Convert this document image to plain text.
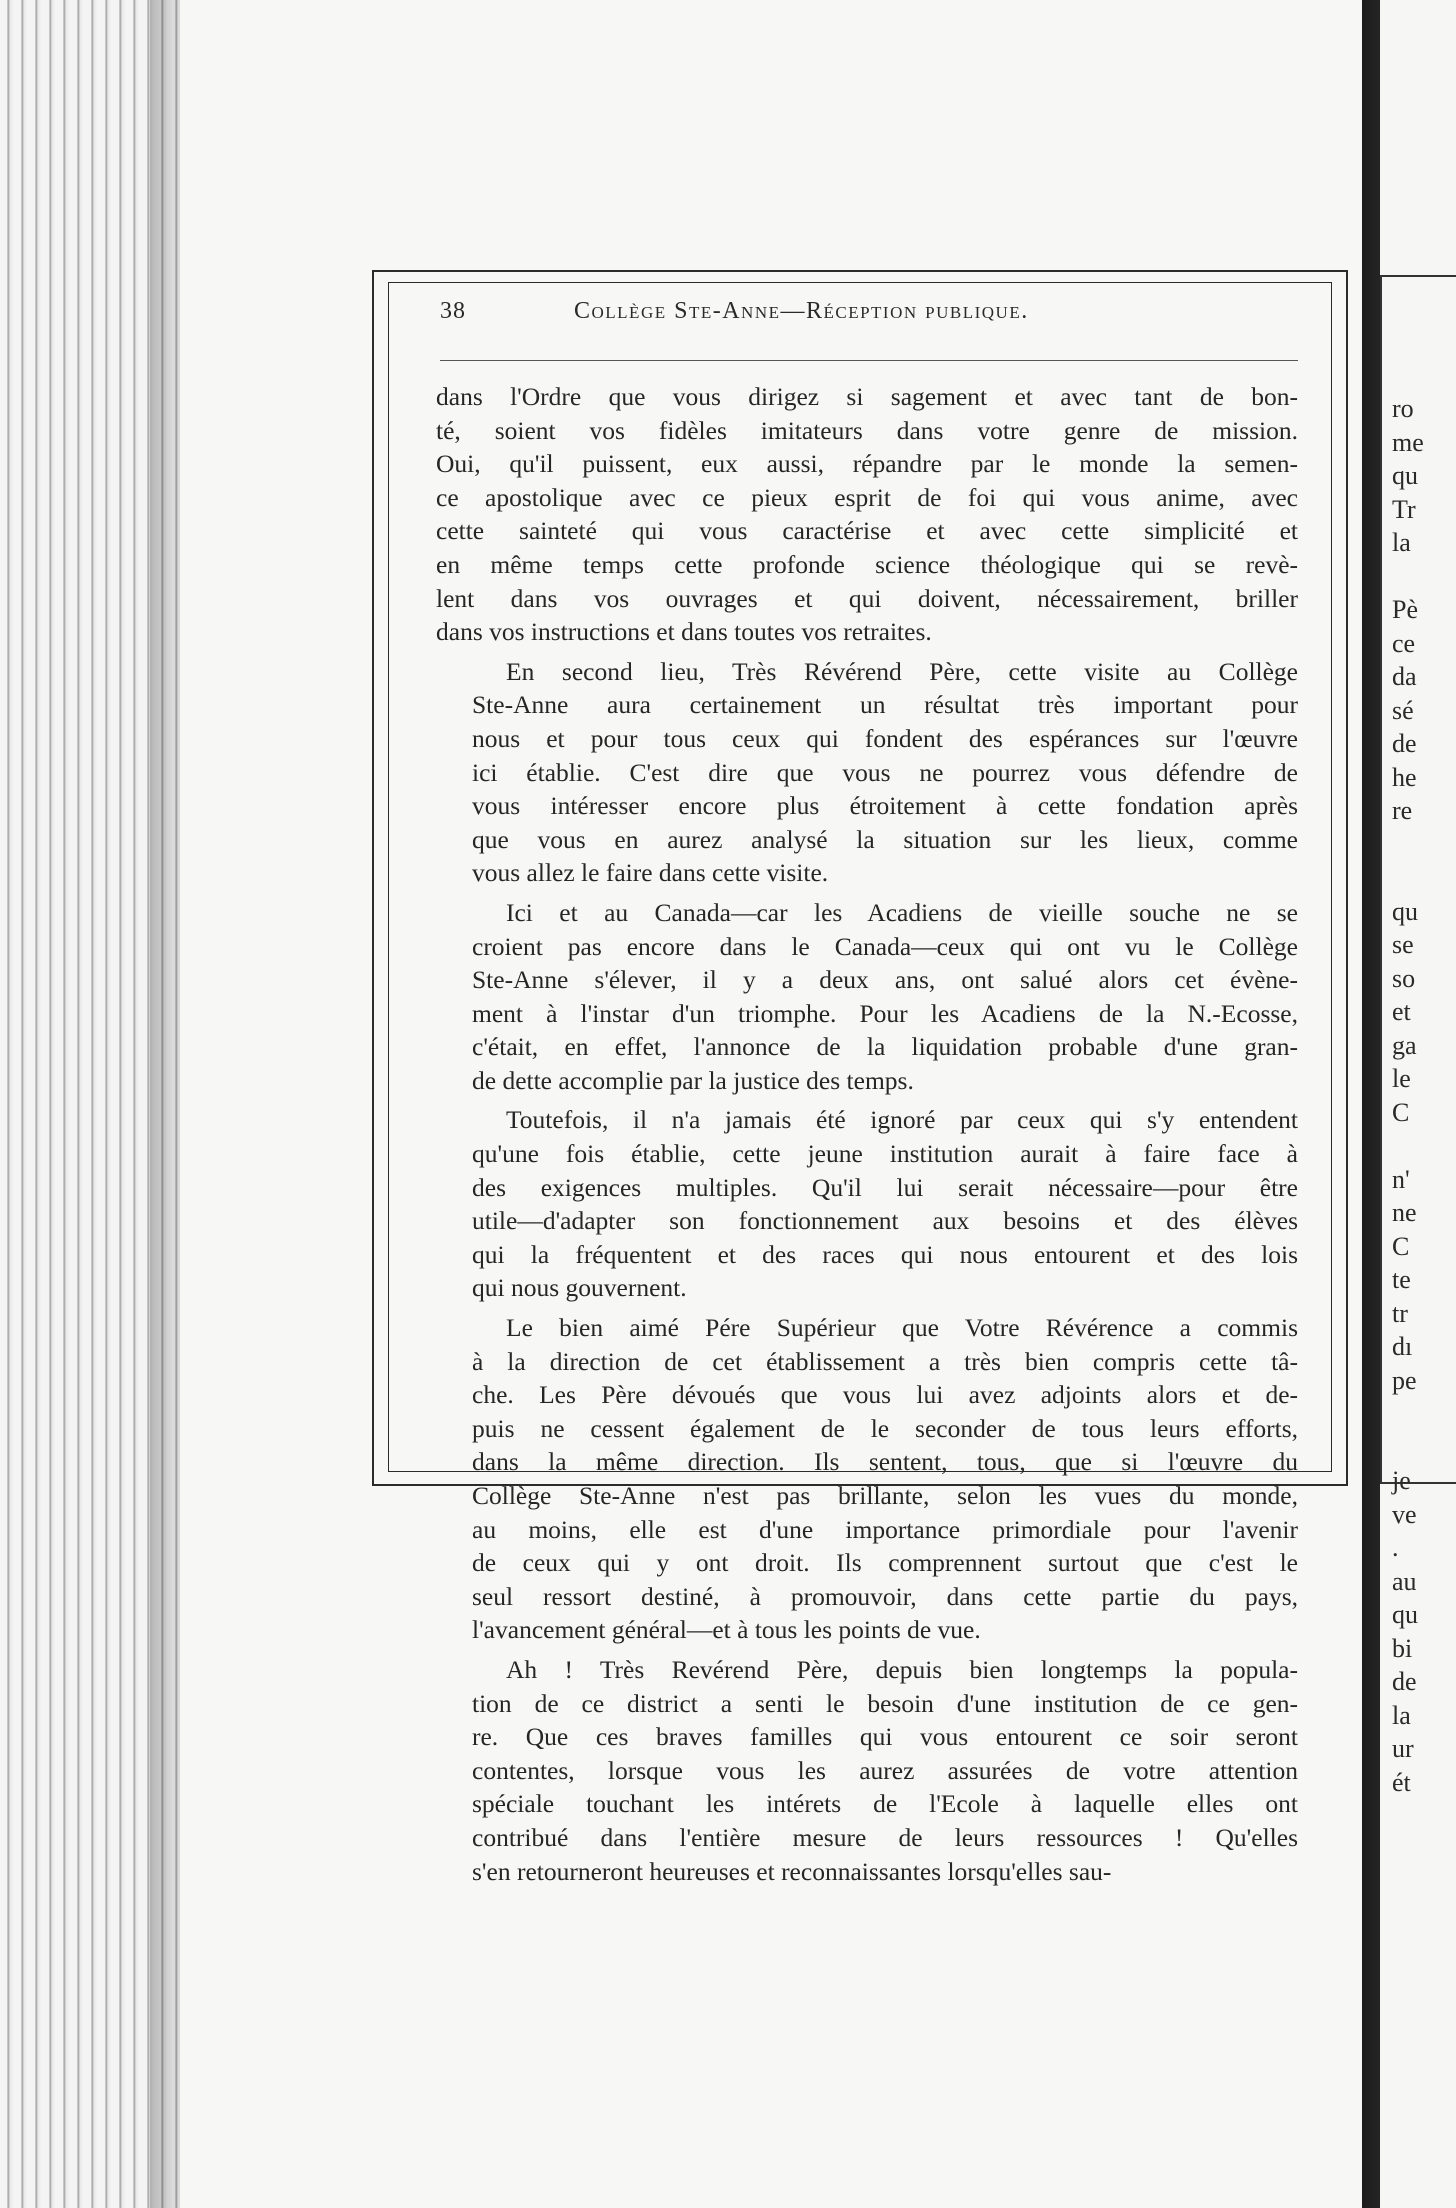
ro
me
qu
Tr
la
Pè
ce
da
sé
de
he
re
qu
se
so
et
ga
le
C
n'
ne
C
te
tr
dı
pe
je
ve
.
au
qu
bi
de
la
ur
ét
38	Collège Ste-Anne—Réception publique.
dans l'Ordre que vous dirigez si sagement et avec tant de bon-
té, soient vos fidèles imitateurs dans votre genre de mission.
Oui, qu'il puissent, eux aussi, répandre par le monde la semen-
ce apostolique avec ce pieux esprit de foi qui vous anime, avec
cette sainteté qui vous caractérise et avec cette simplicité et
en même temps cette profonde science théologique qui se revè-
lent dans vos ouvrages et qui doivent, nécessairement, briller
dans vos instructions et dans toutes vos retraites.
En second lieu, Très Révérend Père, cette visite au Collège
Ste-Anne aura certainement un résultat très important pour
nous et pour tous ceux qui fondent des espérances sur l'œuvre
ici établie. C'est dire que vous ne pourrez vous défendre de
vous intéresser encore plus étroitement à cette fondation après
que vous en aurez analysé la situation sur les lieux, comme
vous allez le faire dans cette visite.
Ici et au Canada—car les Acadiens de vieille souche ne se
croient pas encore dans le Canada—ceux qui ont vu le Collège
Ste-Anne s'élever, il y a deux ans, ont salué alors cet évène-
ment à l'instar d'un triomphe. Pour les Acadiens de la N.-Ecosse,
c'était, en effet, l'annonce de la liquidation probable d'une gran-
de dette accomplie par la justice des temps.
Toutefois, il n'a jamais été ignoré par ceux qui s'y entendent
qu'une fois établie, cette jeune institution aurait à faire face à
des exigences multiples. Qu'il lui serait nécessaire—pour être
utile—d'adapter son fonctionnement aux besoins et des élèves
qui la fréquentent et des races qui nous entourent et des lois
qui nous gouvernent.
Le bien aimé Pére Supérieur que Votre Révérence a commis
à la direction de cet établissement a très bien compris cette tâ-
che. Les Père dévoués que vous lui avez adjoints alors et de-
puis ne cessent également de le seconder de tous leurs efforts,
dans la même direction. Ils sentent, tous, que si l'œuvre du
Collège Ste-Anne n'est pas brillante, selon les vues du monde,
au moins, elle est d'une importance primordiale pour l'avenir
de ceux qui y ont droit. Ils comprennent surtout que c'est le
seul ressort destiné, à promouvoir, dans cette partie du pays,
l'avancement général—et à tous les points de vue.
Ah ! Très Revérend Père, depuis bien longtemps la popula-
tion de ce district a senti le besoin d'une institution de ce gen-
re. Que ces braves familles qui vous entourent ce soir seront
contentes, lorsque vous les aurez assurées de votre attention
spéciale touchant les intérets de l'Ecole à laquelle elles ont
contribué dans l'entière mesure de leurs ressources ! Qu'elles
s'en retourneront heureuses et reconnaissantes lorsqu'elles sau-
